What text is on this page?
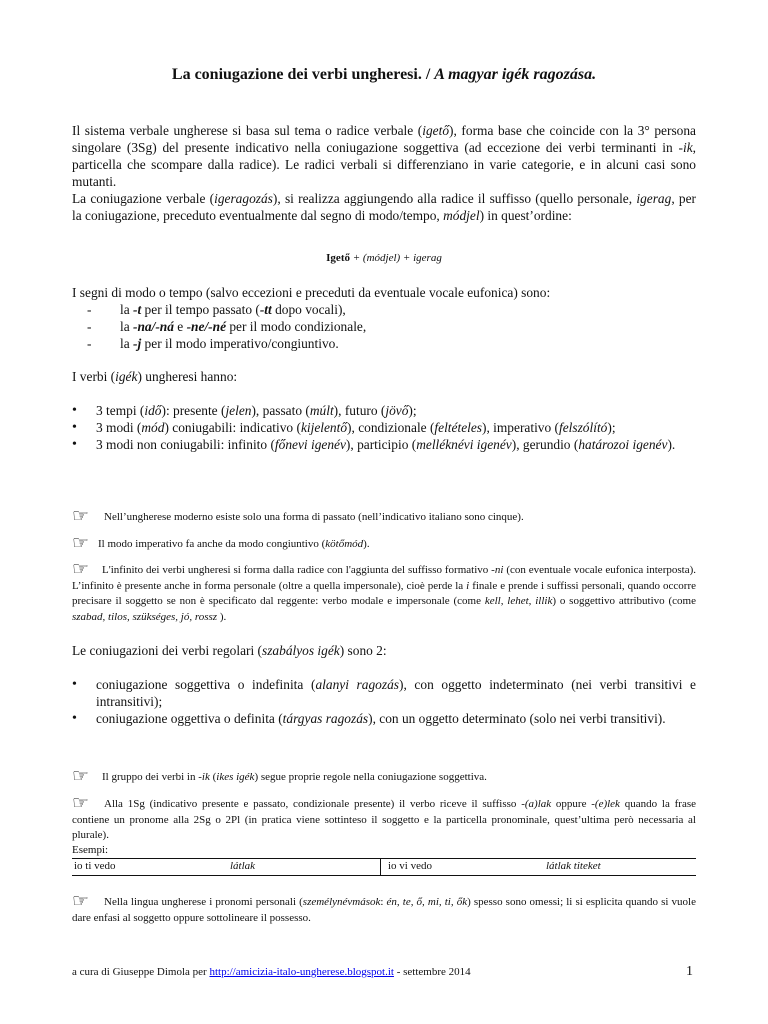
La coniugazione dei verbi ungheresi. / A magyar igék ragozása.
Il sistema verbale ungherese si basa sul tema o radice verbale (igető), forma base che coincide con la 3° persona singolare (3Sg) del presente indicativo nella coniugazione soggettiva (ad eccezione dei verbi terminanti in -ik, particella che scompare dalla radice). Le radici verbali si differenziano in varie categorie, e in alcuni casi sono mutanti.
La coniugazione verbale (igeragozás), si realizza aggiungendo alla radice il suffisso (quello personale, igerag, per la coniugazione, preceduto eventualmente dal segno di modo/tempo, módjel) in quest’ordine:
Igető + (módjel) + igerag
I segni di modo o tempo (salvo eccezioni e preceduti da eventuale vocale eufonica) sono:
- la -t per il tempo passato (-tt dopo vocali),
- la -na/-ná e -ne/-né per il modo condizionale,
- la -j per il modo imperativo/congiuntivo.
I verbi (igék) ungheresi hanno:
• 3 tempi (idő): presente (jelen), passato (múlt), futuro (jövő);
• 3 modi (mód) coniugabili: indicativo (kijelentő), condizionale (feltételes), imperativo (felszólító);
• 3 modi non coniugabili: infinito (főnevi igenév), participio (melléknévi igenév), gerundio (határozoi igenév).
☞	Nell’ungherese moderno esiste solo una forma di passato (nell’indicativo italiano sono cinque).
☞ Il modo imperativo fa anche da modo congiuntivo (kötőmód).
☞	L'infinito dei verbi ungheresi si forma dalla radice con l'aggiunta del suffisso formativo -ni (con eventuale vocale eufonica interposta). L’infinito è presente anche in forma personale (oltre a quella impersonale), cioè perde la i finale e prende i suffissi personali, quando occorre precisare il soggetto se non è specificato dal reggente: verbo modale e impersonale (come kell, lehet, illik) o soggettivo attributivo (come szabad, tilos, szükséges, jó, rossz ).
Le coniugazioni dei verbi regolari (szabályos igék) sono 2:
• coniugazione soggettiva o indefinita (alanyi ragozás), con oggetto indeterminato (nei verbi transitivi e intransitivi);
• coniugazione oggettiva o definita (tárgyas ragozás), con un oggetto determinato (solo nei verbi transitivi).
☞	Il gruppo dei verbi in -ik (ikes igék) segue proprie regole nella coniugazione soggettiva.
☞	Alla 1Sg (indicativo presente e passato, condizionale presente) il verbo riceve il suffisso -(a)lak oppure -(e)lek quando la frase contiene un pronome alla 2Sg o 2Pl (in pratica viene sottinteso il soggetto e la particella pronominale, quest’ultima però necessaria al plurale).
Esempi:
io ti vedo	látlak	io vi vedo	látlak titeket
☞	Nella lingua ungherese i pronomi personali (személynévmások: én, te, ő, mi, ti, ők) spesso sono omessi; li si esplicita quando si vuole dare enfasi al soggetto oppure sottolineare il possesso.
a cura di Giuseppe Dimola per http://amicizia-italo-ungherese.blogspot.it - settembre 2014	1
